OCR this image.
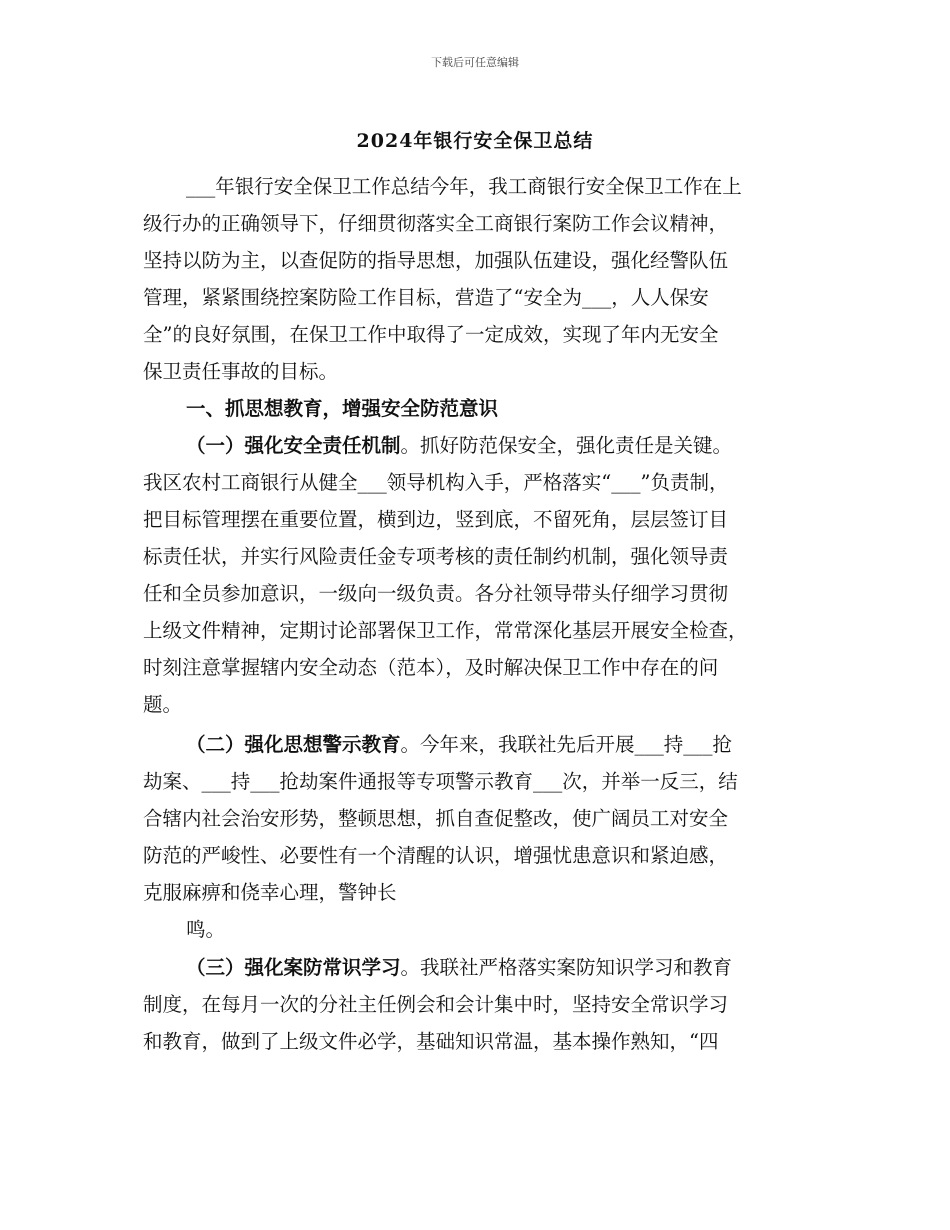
下载后可任意编辑
2024年银行安全保卫总结
___年银行安全保卫工作总结今年，我工商银行安全保卫工作在上
级行办的正确领导下，仔细贯彻落实全工商银行案防工作会议精神，
坚持以防为主，以查促防的指导思想，加强队伍建设，强化经警队伍
管理，紧紧围绕控案防险工作目标，营造了“安全为___，人人保安
全”的良好氛围，在保卫工作中取得了一定成效，实现了年内无安全
保卫责任事故的目标。
一、抓思想教育，增强安全防范意识
（一）强化安全责任机制。抓好防范保安全，强化责任是关键。
我区农村工商银行从健全___领导机构入手，严格落实“___”负责制，
把目标管理摆在重要位置，横到边，竖到底，不留死角，层层签订目
标责任状，并实行风险责任金专项考核的责任制约机制，强化领导责
任和全员参加意识，一级向一级负责。各分社领导带头仔细学习贯彻
上级文件精神，定期讨论部署保卫工作，常常深化基层开展安全检查，
时刻注意掌握辖内安全动态（范本），及时解决保卫工作中存在的问
题。
（二）强化思想警示教育。今年来，我联社先后开展___持___抢
劫案、___持___抢劫案件通报等专项警示教育___次，并举一反三，结
合辖内社会治安形势，整顿思想，抓自查促整改，使广阔员工对安全
防范的严峻性、必要性有一个清醒的认识，增强忧患意识和紧迫感，
克服麻痹和侥幸心理，警钟长
鸣。
（三）强化案防常识学习。我联社严格落实案防知识学习和教育
制度，在每月一次的分社主任例会和会计集中时，坚持安全常识学习
和教育，做到了上级文件必学，基础知识常温，基本操作熟知，“四
